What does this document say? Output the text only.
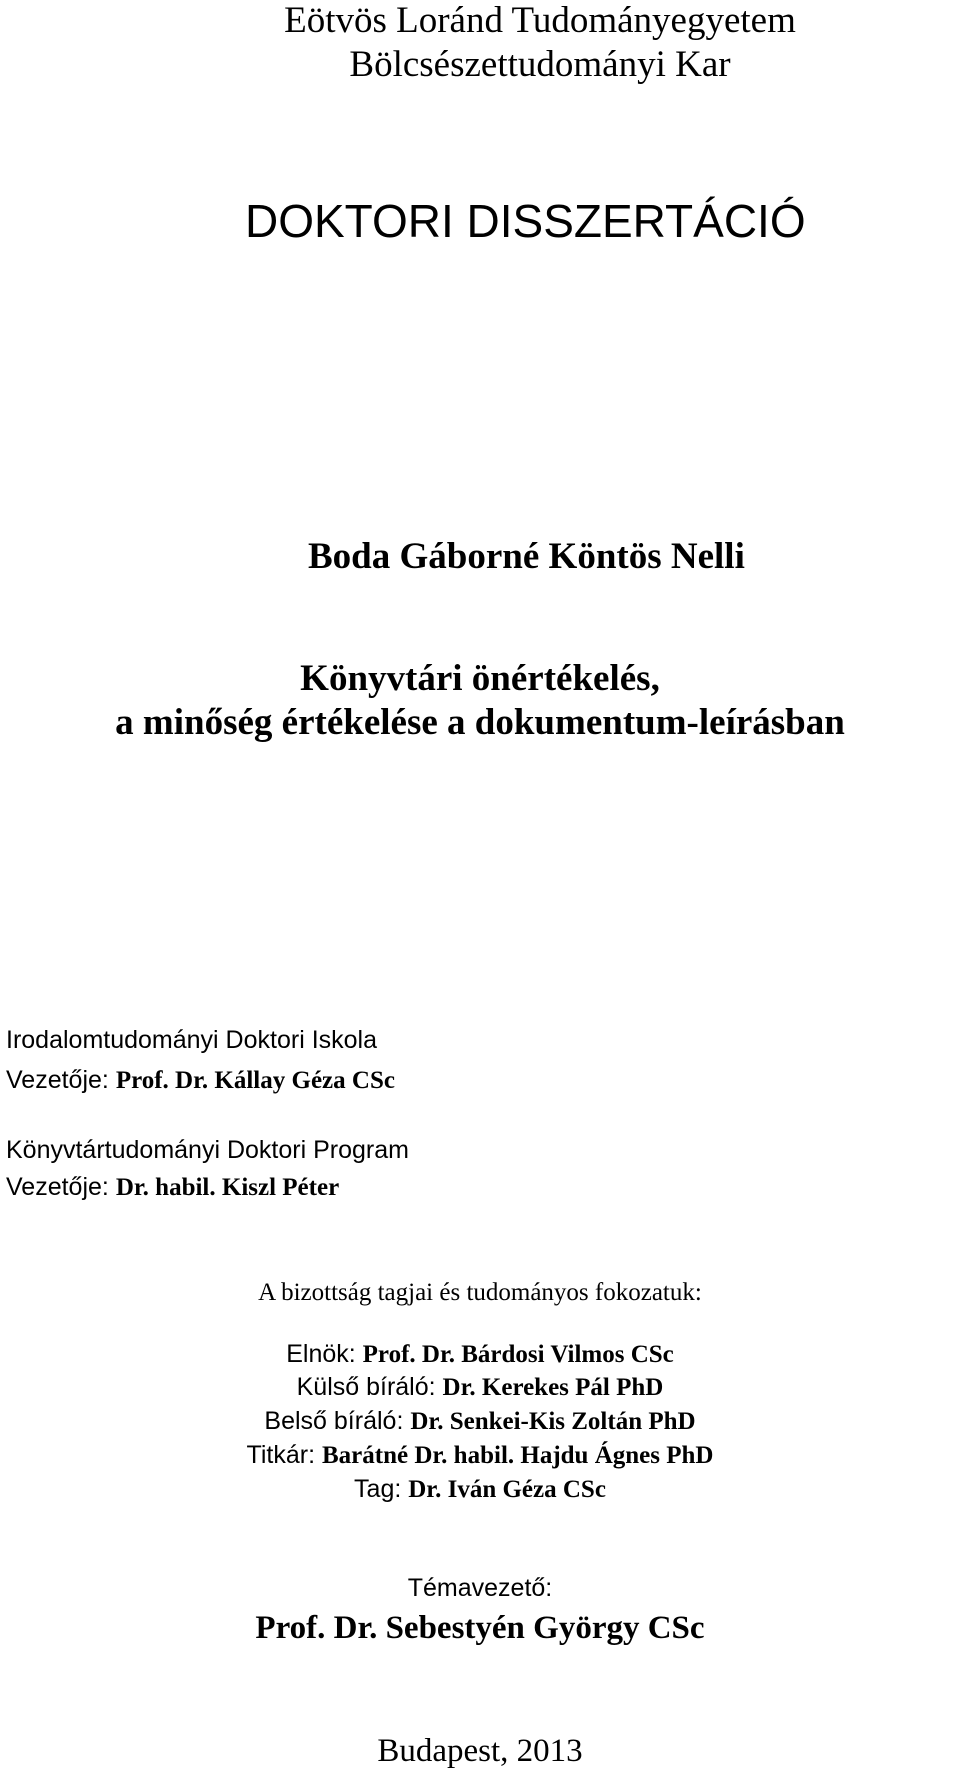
Eötvös Loránd Tudományegyetem
Bölcsészettudományi Kar
DOKTORI DISSZERTÁCIÓ
Boda Gáborné Köntös Nelli
Könyvtári önértékelés,
a minőség értékelése a dokumentum-leírásban
Irodalomtudományi Doktori Iskola
Vezetője: Prof. Dr. Kállay Géza CSc
Könyvtártudományi Doktori Program
Vezetője: Dr. habil. Kiszl Péter
A bizottság tagjai és tudományos fokozatuk:
Elnök: Prof. Dr. Bárdosi Vilmos CSc
Külső bíráló: Dr. Kerekes Pál PhD
Belső bíráló: Dr. Senkei-Kis Zoltán PhD
Titkár: Barátné Dr. habil. Hajdu Ágnes PhD
Tag: Dr. Iván Géza CSc
Témavezető:
Prof. Dr. Sebestyén György CSc
Budapest, 2013
